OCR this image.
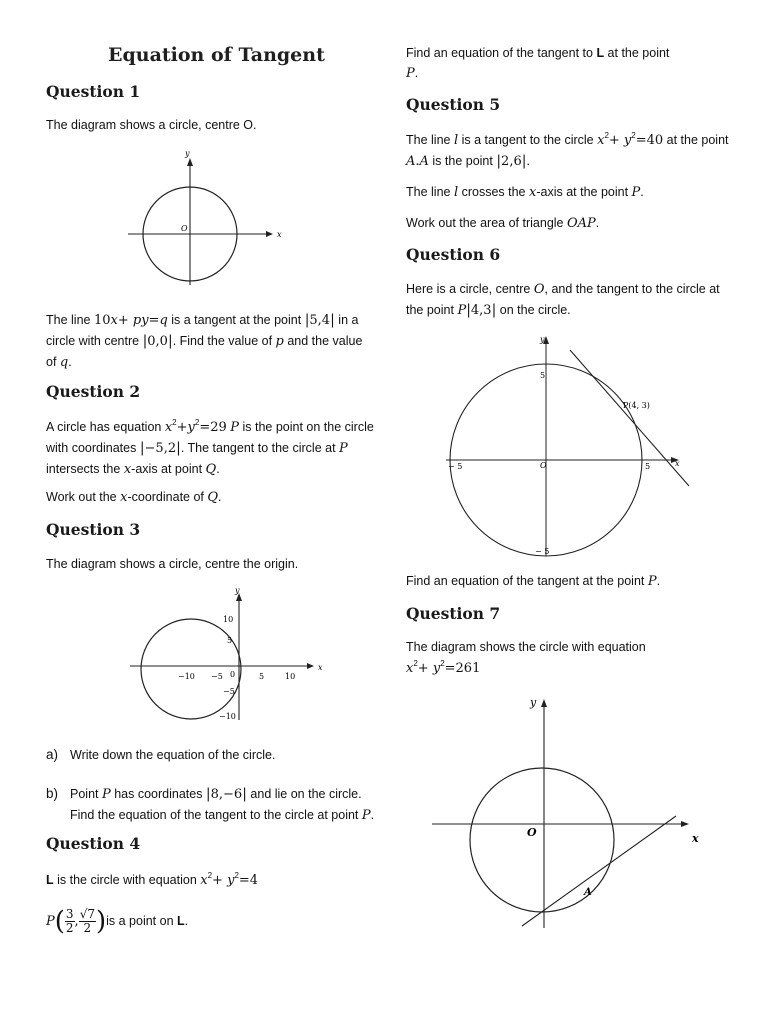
Equation of Tangent
Question 1
The diagram shows a circle, centre O.
y
x
O
The line 10x+ py=q is a tangent at the point |5,4| in a circle with centre |0,0|. Find the value of p and the value of q.
Question 2
A circle has equation $x^2+y^2=29$ P is the point on the circle with coordinates |−5,2|. The tangent to the circle at P intersects the x-axis at point Q.
Work out the x-coordinate of Q.
Question 3
The diagram shows a circle, centre the origin.
y
x
0
−10 −5	5	10
10
5
−5
−10
a) Write down the equation of the circle.
b) Point P has coordinates |8,−6| and lie on the circle. Find the equation of the tangent to the circle at point P.
Question 4
L is the circle with equation $x^2+ y^2=4$
$P( \frac{3}{2}$ , $\frac{√7}{2} )is$ a point on L.
Find an equation of the tangent to L at the point
P.
Question 5
The line l is a tangent to the circle $x^2+ y^2=40$ at the point A.A is the point |2,6|.
The line l crosses the x-axis at the point P.
Work out the area of triangle OAP.
Question 6
Here is a circle, centre O, and the tangent to the circle at the point P|4,3| on the circle.
y
x
O
5
5
− 5
− 5
P(4, 3)
Find an equation of the tangent at the point P.
Question 7
The diagram shows the circle with equation
$x^2+ y^2=261$
y
x
O
A
